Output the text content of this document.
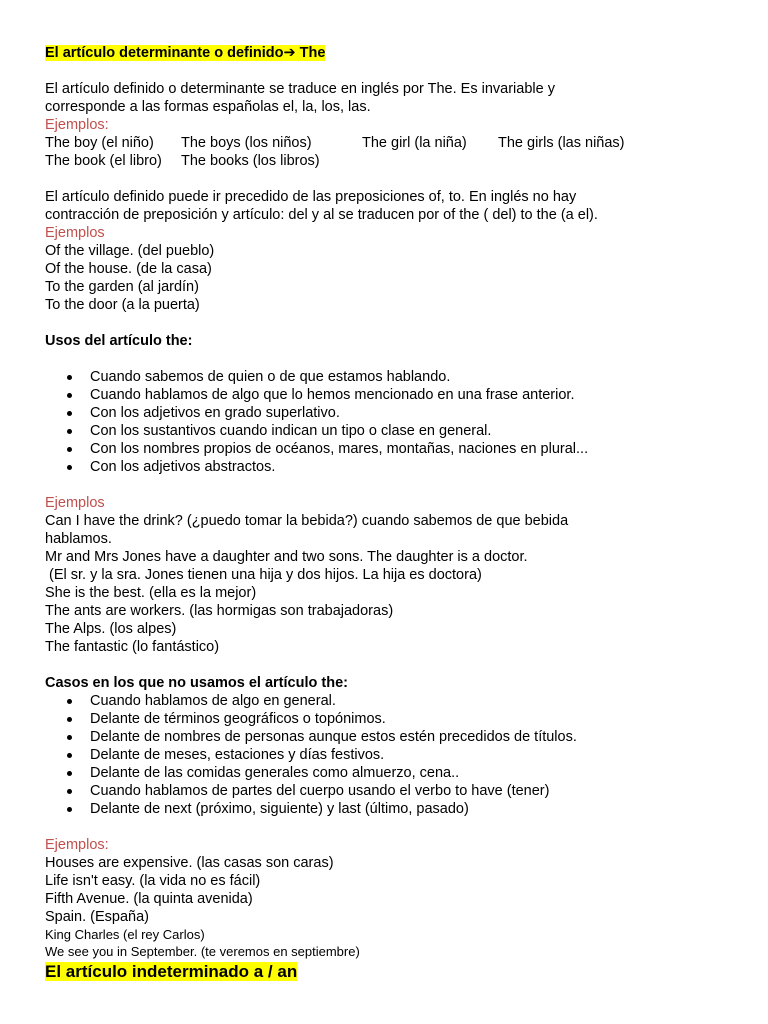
El artículo determinante o definido➔ The

El artículo definido o determinante se traduce en inglés por The. Es invariable y

corresponde a las formas españolas el, la, los, las.

Ejemplos:

The boy (el niño)	The boys (los niños)	The girl (la niña)	The girls (las niñas)
The book (el libro)	The books (los libros)

El artículo definido puede ir precedido de las preposiciones of, to. En inglés no hay

contracción de preposición y artículo: del y al se traducen por of the ( del) to the (a el).

Ejemplos

Of the village. (del pueblo)

Of the house. (de la casa)

To the garden (al jardín)

To the door (a la puerta)

Usos del artículo the:

Cuando sabemos de quien o de que estamos hablando.
Cuando hablamos de algo que lo hemos mencionado en una frase anterior.
Con los adjetivos en grado superlativo.
Con los sustantivos cuando indican un tipo o clase en general.
Con los nombres propios de océanos, mares, montañas, naciones en plural...
Con los adjetivos abstractos.

Ejemplos

Can I have the drink? (¿puedo tomar la bebida?) cuando sabemos de que bebida

hablamos.

Mr and Mrs Jones have a daughter and two sons. The daughter is a doctor.

(El sr. y la sra. Jones tienen una hija y dos hijos. La hija es doctora)

She is the best. (ella es la mejor)

The ants are workers. (las hormigas son trabajadoras)

The Alps. (los alpes)

The fantastic (lo fantástico)

Casos en los que no usamos el artículo the:

Cuando hablamos de algo en general.
Delante de términos geográficos o topónimos.
Delante de nombres de personas aunque estos estén precedidos de títulos.
Delante de meses, estaciones y días festivos.
Delante de las comidas generales como almuerzo, cena..
Cuando hablamos de partes del cuerpo usando el verbo to have (tener)
Delante de next (próximo, siguiente) y last (último, pasado)

Ejemplos:

Houses are expensive. (las casas son caras)

Life isn't easy. (la vida no es fácil)

Fifth Avenue. (la quinta avenida)

Spain. (España)

King Charles (el rey Carlos)

We see you in September. (te veremos en septiembre)

El artículo indeterminado a / an
